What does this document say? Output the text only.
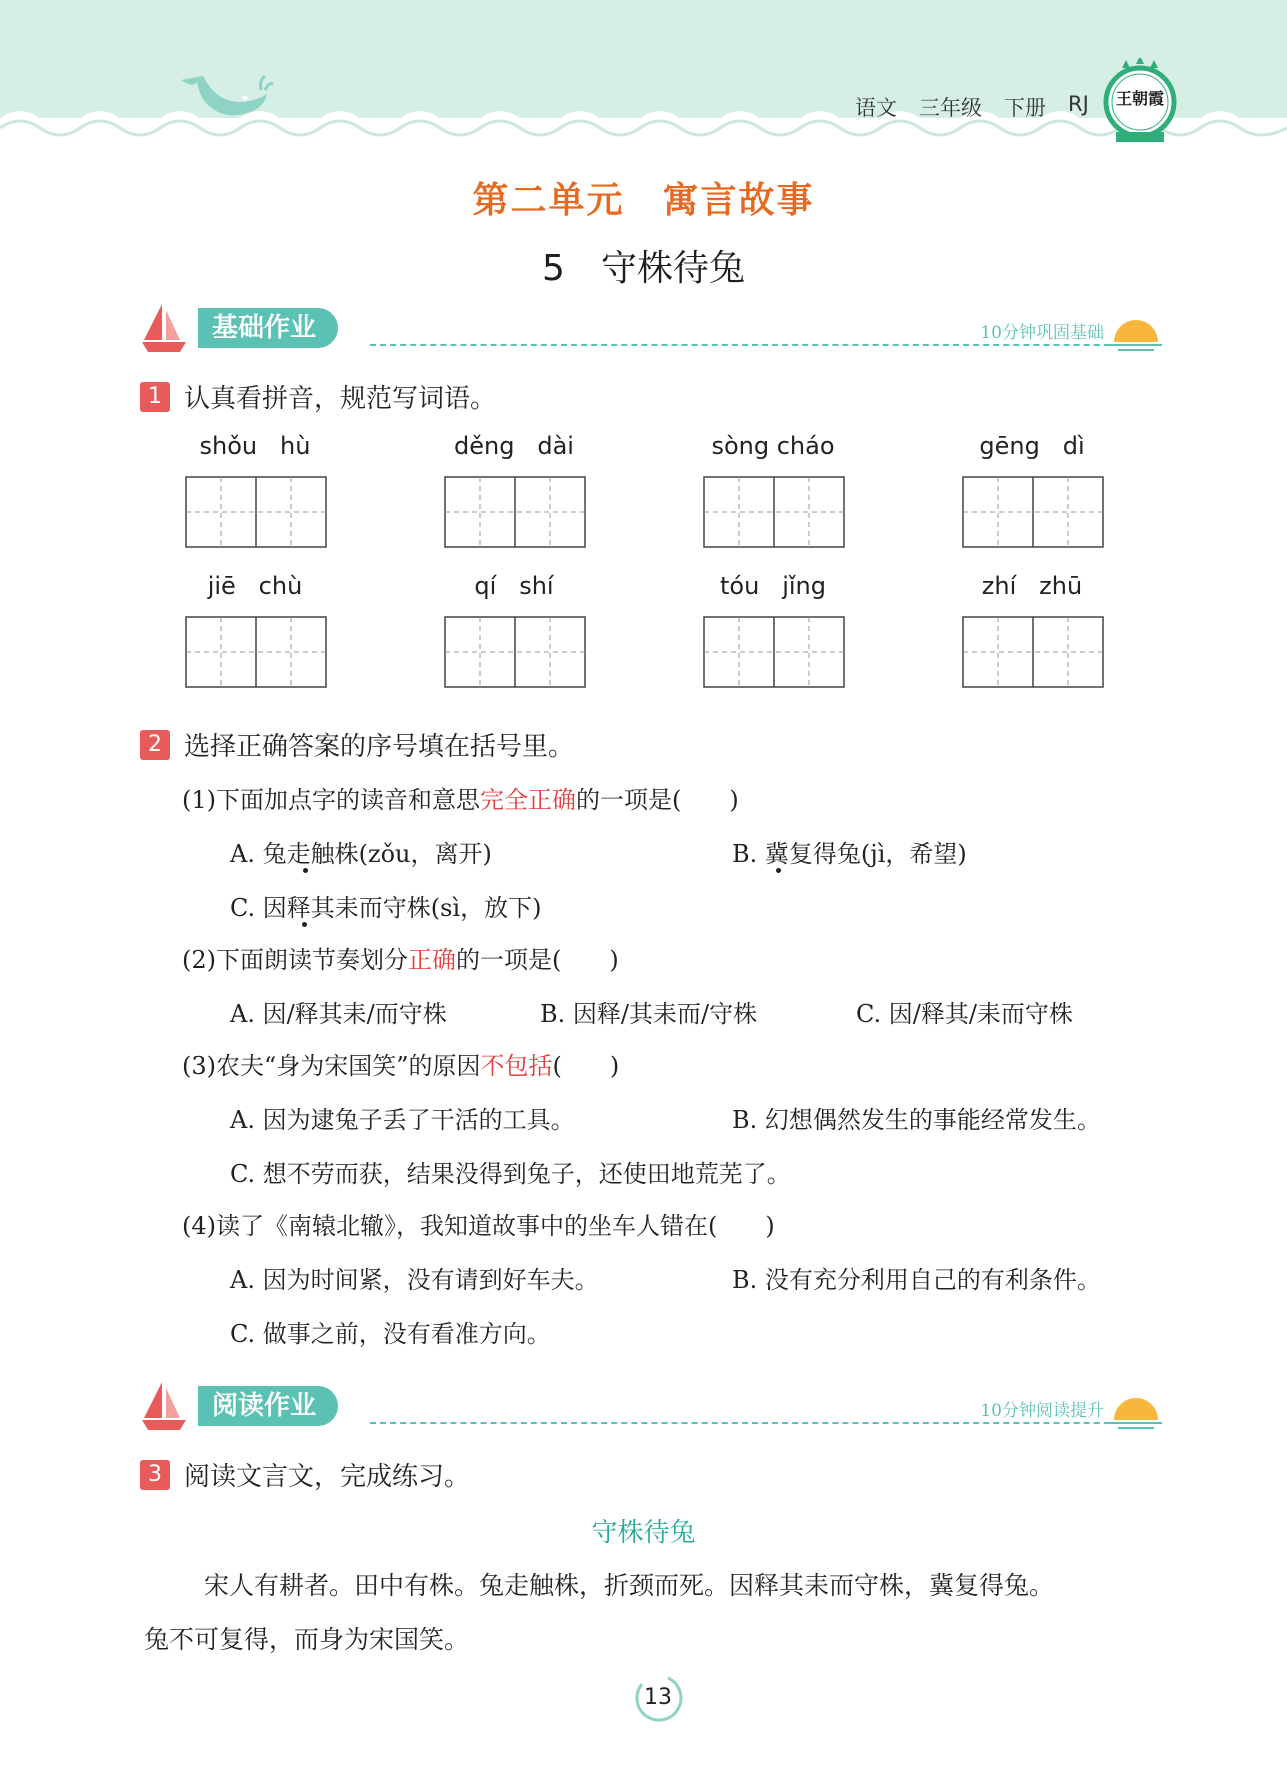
语文 三年级 下册 RJ 王朝霞
第二单元　寓言故事
5　守株待兔
基础作业	10分钟巩固基础
1 认真看拼音，规范写词语。
shǒu   hù	děng   dài	sòng cháo	gēng   dì
jiē   chù	qí   shí	tóu   jǐng	zhí   zhū
2 选择正确答案的序号填在括号里。
(1)下面加点字的读音和意思完全正确的一项是(　　)
A. 兔走触株(zǒu，离开)	B. 冀复得兔(jì，希望)
C. 因释其耒而守株(sì，放下)
(2)下面朗读节奏划分正确的一项是(　　)
A. 因/释其耒/而守株	B. 因释/其耒而/守株	C. 因/释其/耒而守株
(3)农夫“身为宋国笑”的原因不包括(　　)
A. 因为逮兔子丢了干活的工具。	B. 幻想偶然发生的事能经常发生。
C. 想不劳而获，结果没得到兔子，还使田地荒芜了。
(4)读了《南辕北辙》，我知道故事中的坐车人错在(　　)
A. 因为时间紧，没有请到好车夫。	B. 没有充分利用自己的有利条件。
C. 做事之前，没有看准方向。
阅读作业	10分钟阅读提升
3 阅读文言文，完成练习。
守株待兔
宋人有耕者。田中有株。兔走触株，折颈而死。因释其耒而守株，冀复得兔。
兔不可复得，而身为宋国笑。
13
